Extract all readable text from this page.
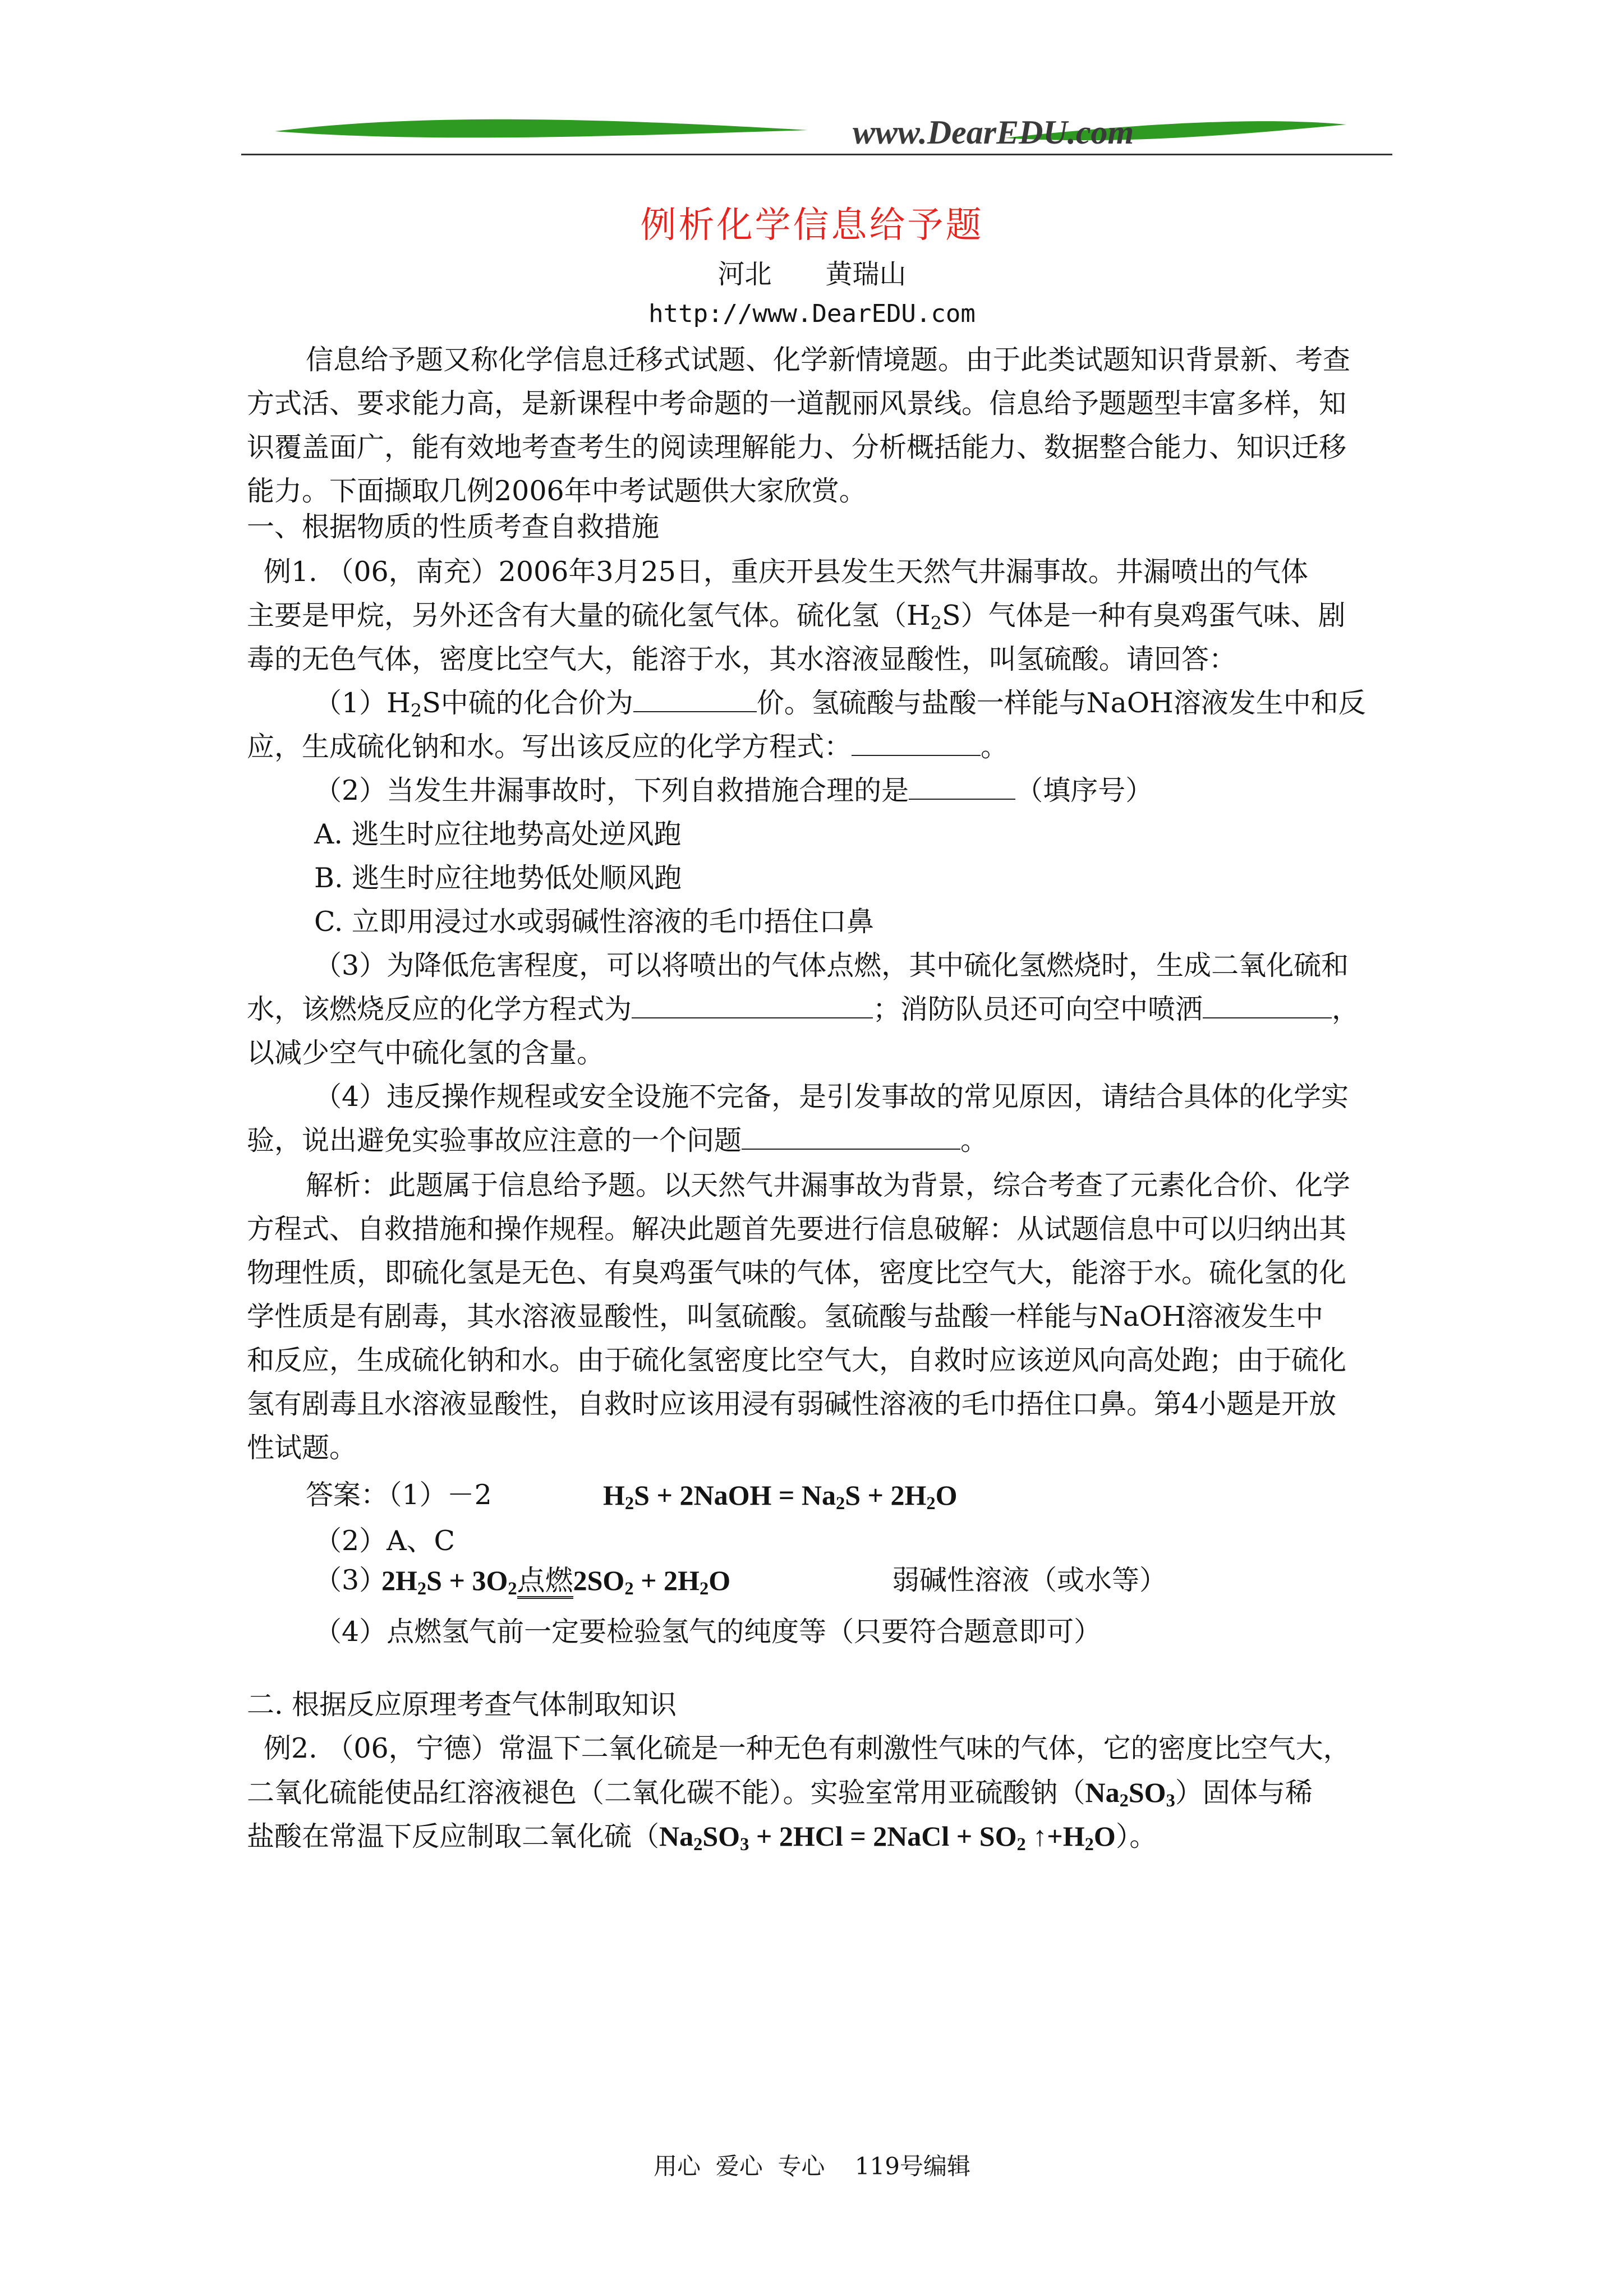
www.DearEDU.com
例析化学信息给予题
河北　　黄瑞山
http://www.DearEDU.com
信息给予题又称化学信息迁移式试题、化学新情境题。由于此类试题知识背景新、考查
方式活、要求能力高，是新课程中考命题的一道靓丽风景线。信息给予题题型丰富多样，知
识覆盖面广，能有效地考查考生的阅读理解能力、分析概括能力、数据整合能力、知识迁移
能力。下面撷取几例2006年中考试题供大家欣赏。
一、根据物质的性质考查自救措施
例1. （06，南充）2006年3月25日，重庆开县发生天然气井漏事故。井漏喷出的气体
主要是甲烷，另外还含有大量的硫化氢气体。硫化氢$(H_2S)$气体是一种有臭鸡蛋气味、剧
毒的无色气体，密度比空气大，能溶于水，其水溶液显酸性，叫氢硫酸。请回答：
$(1)H_2S$中硫的化合价为	价。氢硫酸与盐酸一样能与NaOH溶液发生中和反
应，生成硫化钠和水。写出该反应的化学方程式：	。
（2）当发生井漏事故时，下列自救措施合理的是	（填序号）
A. 逃生时应往地势高处逆风跑
B. 逃生时应往地势低处顺风跑
C. 立即用浸过水或弱碱性溶液的毛巾捂住口鼻
（3）为降低危害程度，可以将喷出的气体点燃，其中硫化氢燃烧时，生成二氧化硫和
水，该燃烧反应的化学方程式为	；消防队员还可向空中喷洒	，
以减少空气中硫化氢的含量。
（4）违反操作规程或安全设施不完备，是引发事故的常见原因，请结合具体的化学实
验，说出避免实验事故应注意的一个问题	。
解析：此题属于信息给予题。以天然气井漏事故为背景，综合考查了元素化合价、化学
方程式、自救措施和操作规程。解决此题首先要进行信息破解：从试题信息中可以归纳出其
物理性质，即硫化氢是无色、有臭鸡蛋气味的气体，密度比空气大，能溶于水。硫化氢的化
学性质是有剧毒，其水溶液显酸性，叫氢硫酸。氢硫酸与盐酸一样能与NaOH溶液发生中
和反应，生成硫化钠和水。由于硫化氢密度比空气大，自救时应该逆风向高处跑；由于硫化
氢有剧毒且水溶液显酸性，自救时应该用浸有弱碱性溶液的毛巾捂住口鼻。第4小题是开放
性试题。
答案：（1）－2	$H_2S$ + 2NaOH = $Na_2S + 2H_2O$
（2）A、C
（3）
$2H_2S + 3O_2$点燃$2SO_2 + 2H_2O$	弱碱性溶液（或水等）
（4）点燃氢气前一定要检验氢气的纯度等（只要符合题意即可）
二. 根据反应原理考查气体制取知识
例2. （06，宁德）常温下二氧化硫是一种无色有刺激性气味的气体，它的密度比空气大，
二氧化硫能使品红溶液褪色（二氧化碳不能）。实验室常用亚硫酸钠$(Na_2SO_3)$固体与稀
盐酸在常温下反应制取二氧化硫（$Na_2SO_3 + 2HCl$ = 2NaCl + $SO_2$ $↑+H_2O$）。
用心  爱心  专心    119号编辑
